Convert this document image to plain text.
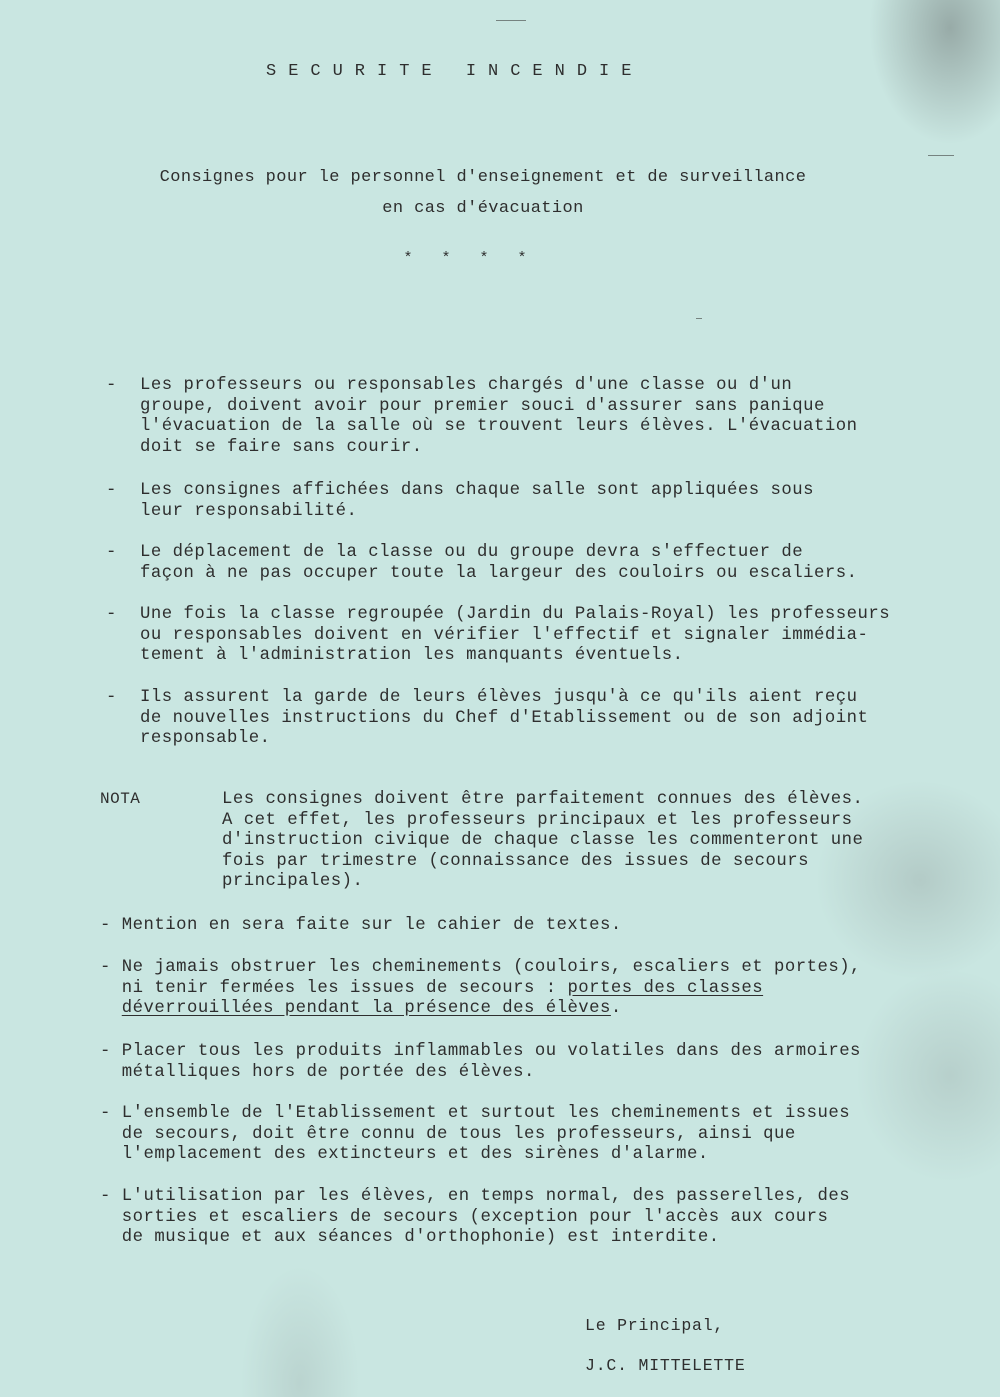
SECURITE INCENDIE
Consignes pour le personnel d'enseignement et de surveillance
en cas d'évacuation
* * * *
- Les professeurs ou responsables chargés d'une classe ou d'un
groupe, doivent avoir pour premier souci d'assurer sans panique
l'évacuation de la salle où se trouvent leurs élèves. L'évacuation
doit se faire sans courir.
- Les consignes affichées dans chaque salle sont appliquées sous
leur responsabilité.
- Le déplacement de la classe ou du groupe devra s'effectuer de
façon à ne pas occuper toute la largeur des couloirs ou escaliers.
- Une fois la classe regroupée (Jardin du Palais-Royal) les professeurs
ou responsables doivent en vérifier l'effectif et signaler immédia-
tement à l'administration les manquants éventuels.
- Ils assurent la garde de leurs élèves jusqu'à ce qu'ils aient reçu
de nouvelles instructions du Chef d'Etablissement ou de son adjoint
responsable.
NOTA	Les consignes doivent être parfaitement connues des élèves.
A cet effet, les professeurs principaux et les professeurs
d'instruction civique de chaque classe les commenteront une
fois par trimestre (connaissance des issues de secours
principales).
- Mention en sera faite sur le cahier de textes.
- Ne jamais obstruer les cheminements (couloirs, escaliers et portes),
ni tenir fermées les issues de secours : portes des classes
déverrouillées pendant la présence des élèves.
- Placer tous les produits inflammables ou volatiles dans des armoires
métalliques hors de portée des élèves.
- L'ensemble de l'Etablissement et surtout les cheminements et issues
de secours, doit être connu de tous les professeurs, ainsi que
l'emplacement des extincteurs et des sirènes d'alarme.
- L'utilisation par les élèves, en temps normal, des passerelles, des
sorties et escaliers de secours (exception pour l'accès aux cours
de musique et aux séances d'orthophonie) est interdite.
Le Principal,
J.C. MITTELETTE
